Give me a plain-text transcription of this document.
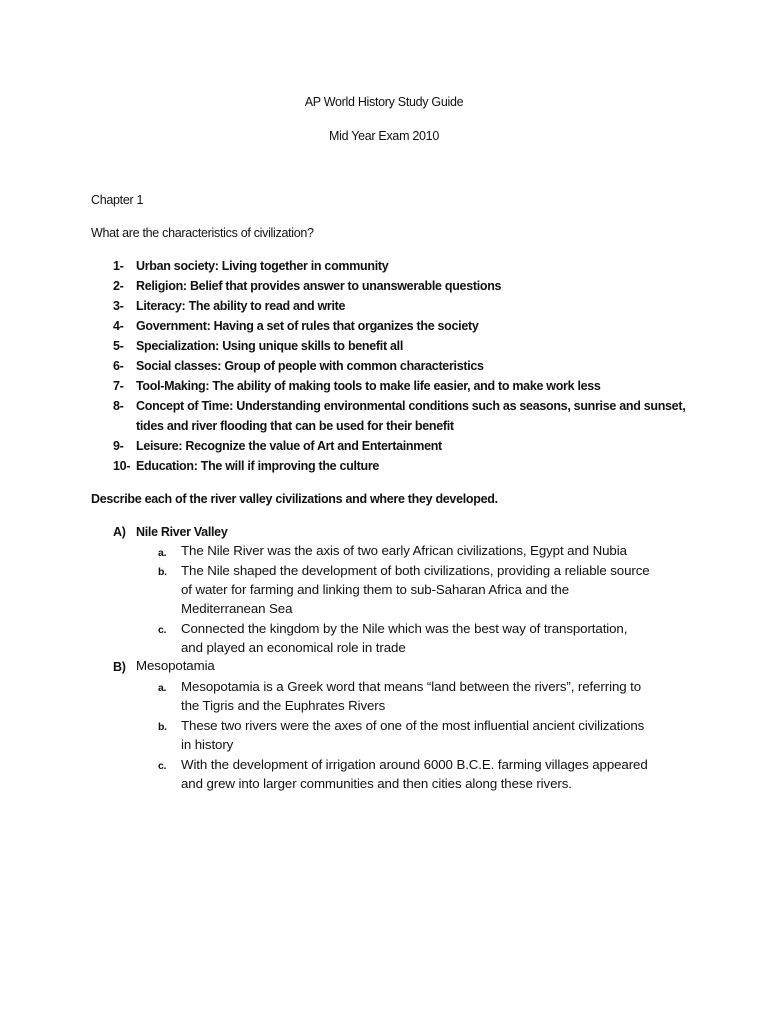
AP World History Study Guide

Mid Year Exam 2010

Chapter 1

What are the characteristics of civilization?

1- Urban society: Living together in community

2- Religion: Belief that provides answer to unanswerable questions

3- Literacy: The ability to read and write

4- Government: Having a set of rules that organizes the society

5- Specialization: Using unique skills to benefit all

6- Social classes: Group of people with common characteristics

7- Tool-Making: The ability of making tools to make life easier, and to make work less

8- Concept of Time: Understanding environmental conditions such as seasons, sunrise and sunset,

tides and river flooding that can be used for their benefit

9- Leisure: Recognize the value of Art and Entertainment

10- Education: The will if improving the culture

Describe each of the river valley civilizations and where they developed.

A) Nile River Valley

a. The Nile River was the axis of two early African civilizations, Egypt and Nubia

b. The Nile shaped the development of both civilizations, providing a reliable source

of water for farming and linking them to sub-Saharan Africa and the

Mediterranean Sea

c. Connected the kingdom by the Nile which was the best way of transportation,

and played an economical role in trade

B) Mesopotamia

a. Mesopotamia is a Greek word that means “land between the rivers”, referring to

the Tigris and the Euphrates Rivers

b. These two rivers were the axes of one of the most influential ancient civilizations

in history

c. With the development of irrigation around 6000 B.C.E. farming villages appeared

and grew into larger communities and then cities along these rivers.
